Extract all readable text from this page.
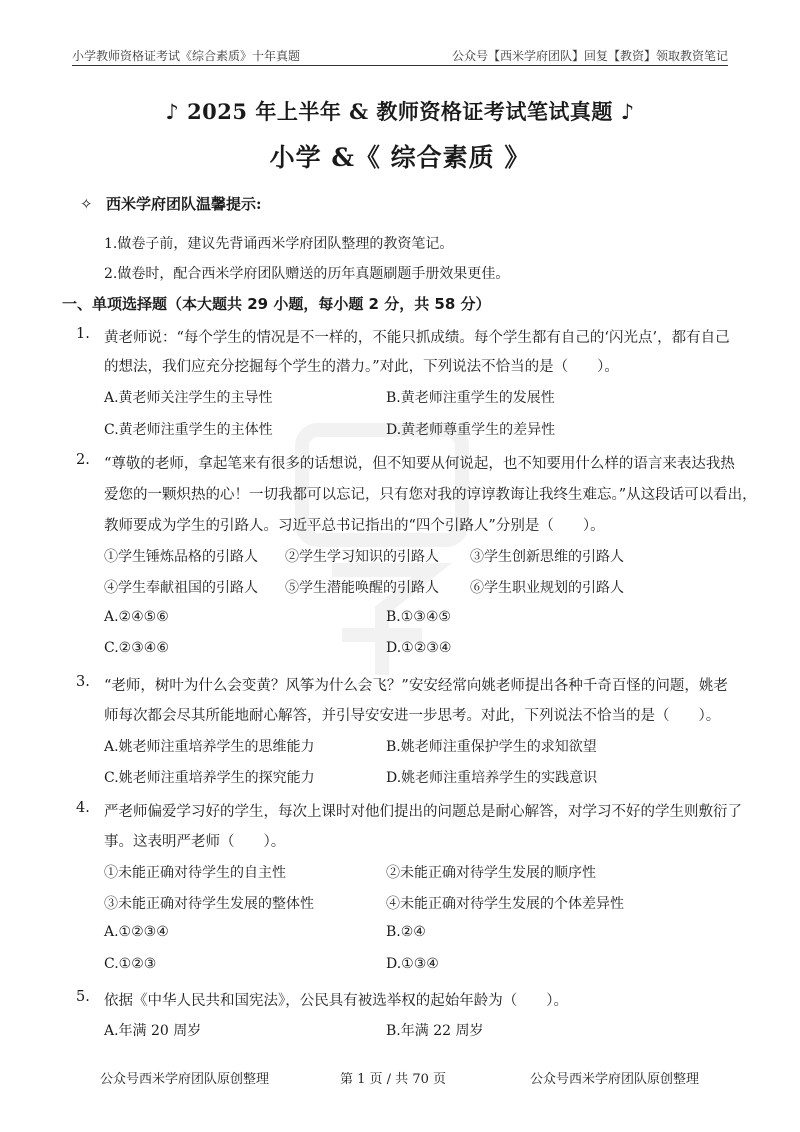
小学教师资格证考试《综合素质》十年真题	公众号【西米学府团队】回复【教资】领取教资笔记
♪ 2025 年上半年 & 教师资格证考试笔试真题 ♪
小学 &《 综合素质 》
✧ 西米学府团队温馨提示:
1.做卷子前，建议先背诵西米学府团队整理的教资笔记。
2.做卷时，配合西米学府团队赠送的历年真题刷题手册效果更佳。
一、单项选择题（本大题共 29 小题，每小题 2 分，共 58 分）
1. 黄老师说：“每个学生的情况是不一样的，不能只抓成绩。每个学生都有自己的‘闪光点’，都有自己
的想法，我们应充分挖掘每个学生的潜力。”对此，下列说法不恰当的是（　　）。
A.黄老师关注学生的主导性	B.黄老师注重学生的发展性
C.黄老师注重学生的主体性	D.黄老师尊重学生的差异性
2. “尊敬的老师，拿起笔来有很多的话想说，但不知要从何说起，也不知要用什么样的语言来表达我热
爱您的一颗炽热的心！一切我都可以忘记，只有您对我的谆谆教诲让我终生难忘。”从这段话可以看出，
教师要成为学生的引路人。习近平总书记指出的“四个引路人”分别是（　　）。
①学生锤炼品格的引路人 ②学生学习知识的引路人 ③学生创新思维的引路人
④学生奉献祖国的引路人 ⑤学生潜能唤醒的引路人 ⑥学生职业规划的引路人
A.②④⑤⑥	B.①③④⑤
C.②③④⑥	D.①②③④
3. “老师，树叶为什么会变黄？风筝为什么会飞？”安安经常向姚老师提出各种千奇百怪的问题，姚老
师每次都会尽其所能地耐心解答，并引导安安进一步思考。对此，下列说法不恰当的是（　　）。
A.姚老师注重培养学生的思维能力	B.姚老师注重保护学生的求知欲望
C.姚老师注重培养学生的探究能力	D.姚老师注重培养学生的实践意识
4. 严老师偏爱学习好的学生，每次上课时对他们提出的问题总是耐心解答，对学习不好的学生则敷衍了
事。这表明严老师（　　）。
①未能正确对待学生的自主性	②未能正确对待学生发展的顺序性
③未能正确对待学生发展的整体性	④未能正确对待学生发展的个体差异性
A.①②③④	B.②④
C.①②③	D.①③④
5. 依据《中华人民共和国宪法》，公民具有被选举权的起始年龄为（　　）。
A.年满 20 周岁	B.年满 22 周岁
公众号西米学府团队原创整理	第 1 页 / 共 70 页	公众号西米学府团队原创整理
